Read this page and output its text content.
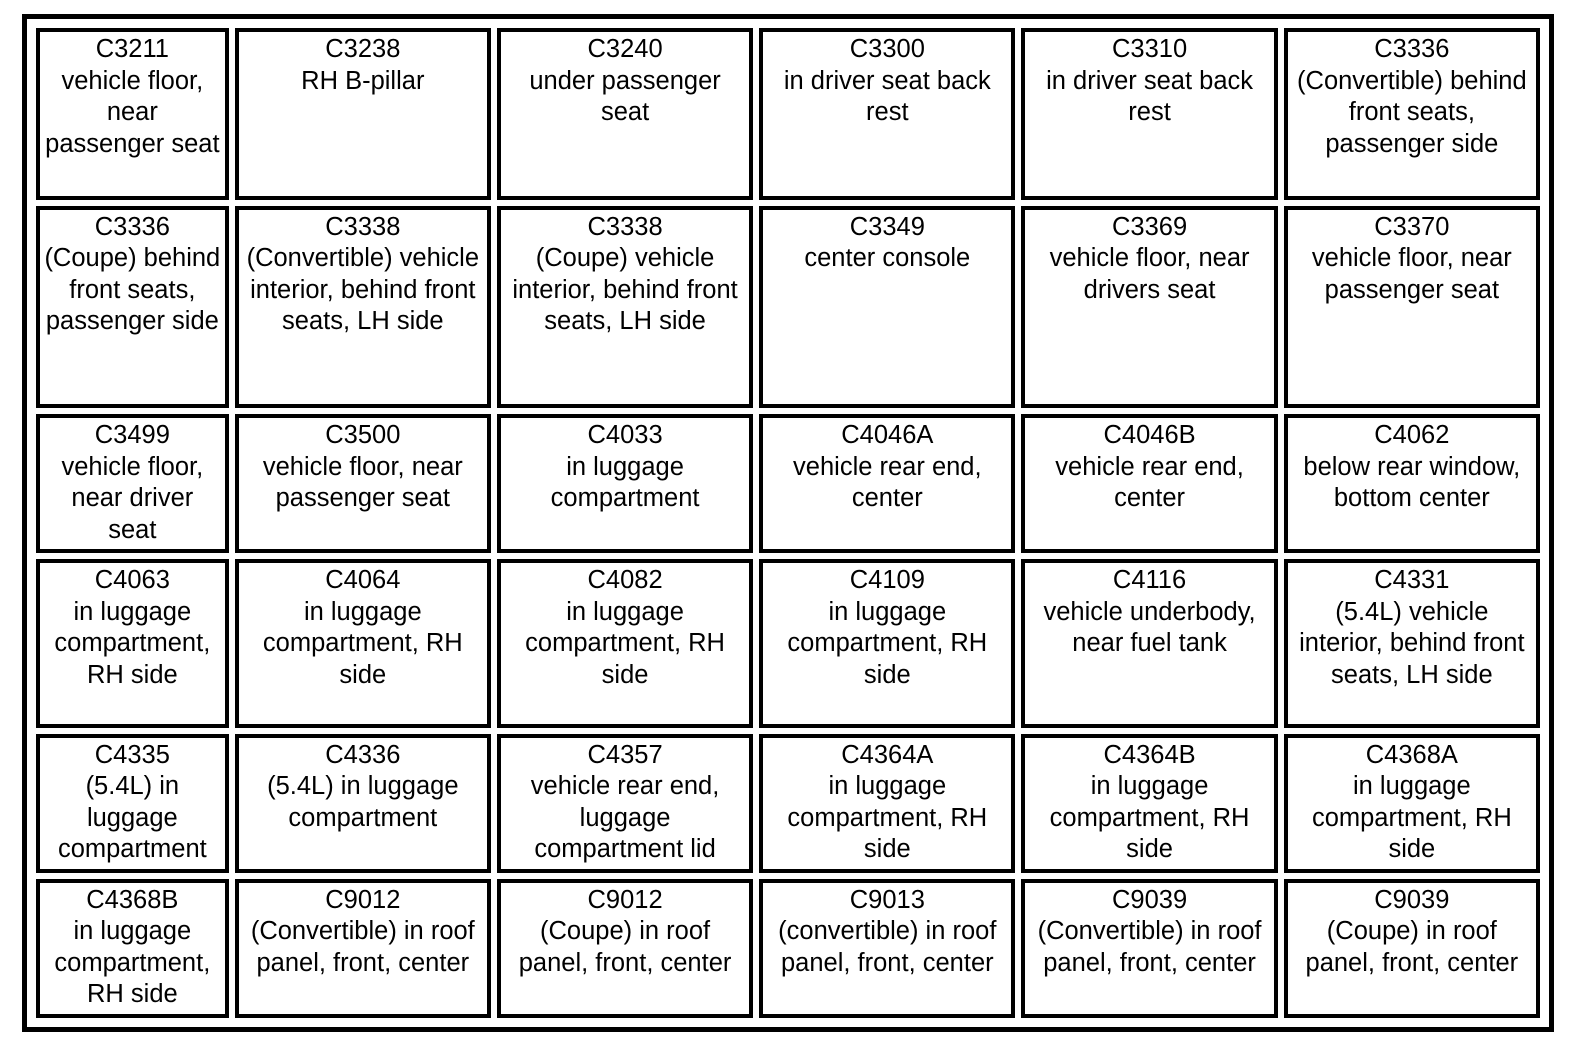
C3211
vehicle floor, near passenger seat	C3238
RH B-pillar	C3240
under passenger seat	C3300
in driver seat back rest	C3310
in driver seat back rest	C3336
(Convertible) behind front seats, passenger side

C3336
(Coupe) behind front seats, passenger side	C3338
(Convertible) vehicle interior, behind front seats, LH side	C3338
(Coupe) vehicle interior, behind front seats, LH side	C3349
center console	C3369
vehicle floor, near drivers seat	C3370
vehicle floor, near passenger seat

C3499
vehicle floor, near driver seat	C3500
vehicle floor, near passenger seat	C4033
in luggage compartment	C4046A
vehicle rear end, center	C4046B
vehicle rear end, center	C4062
below rear window, bottom center

C4063
in luggage compartment, RH side	C4064
in luggage compartment, RH side	C4082
in luggage compartment, RH side	C4109
in luggage compartment, RH side	C4116
vehicle underbody, near fuel tank	C4331
(5.4L) vehicle interior, behind front seats, LH side

C4335
(5.4L) in luggage compartment	C4336
(5.4L) in luggage compartment	C4357
vehicle rear end, luggage compartment lid	C4364A
in luggage compartment, RH side	C4364B
in luggage compartment, RH side	C4368A
in luggage compartment, RH side

C4368B
in luggage compartment, RH side	C9012
(Convertible) in roof panel, front, center	C9012
(Coupe) in roof panel, front, center	C9013
(convertible) in roof panel, front, center	C9039
(Convertible) in roof panel, front, center	C9039
(Coupe) in roof panel, front, center
